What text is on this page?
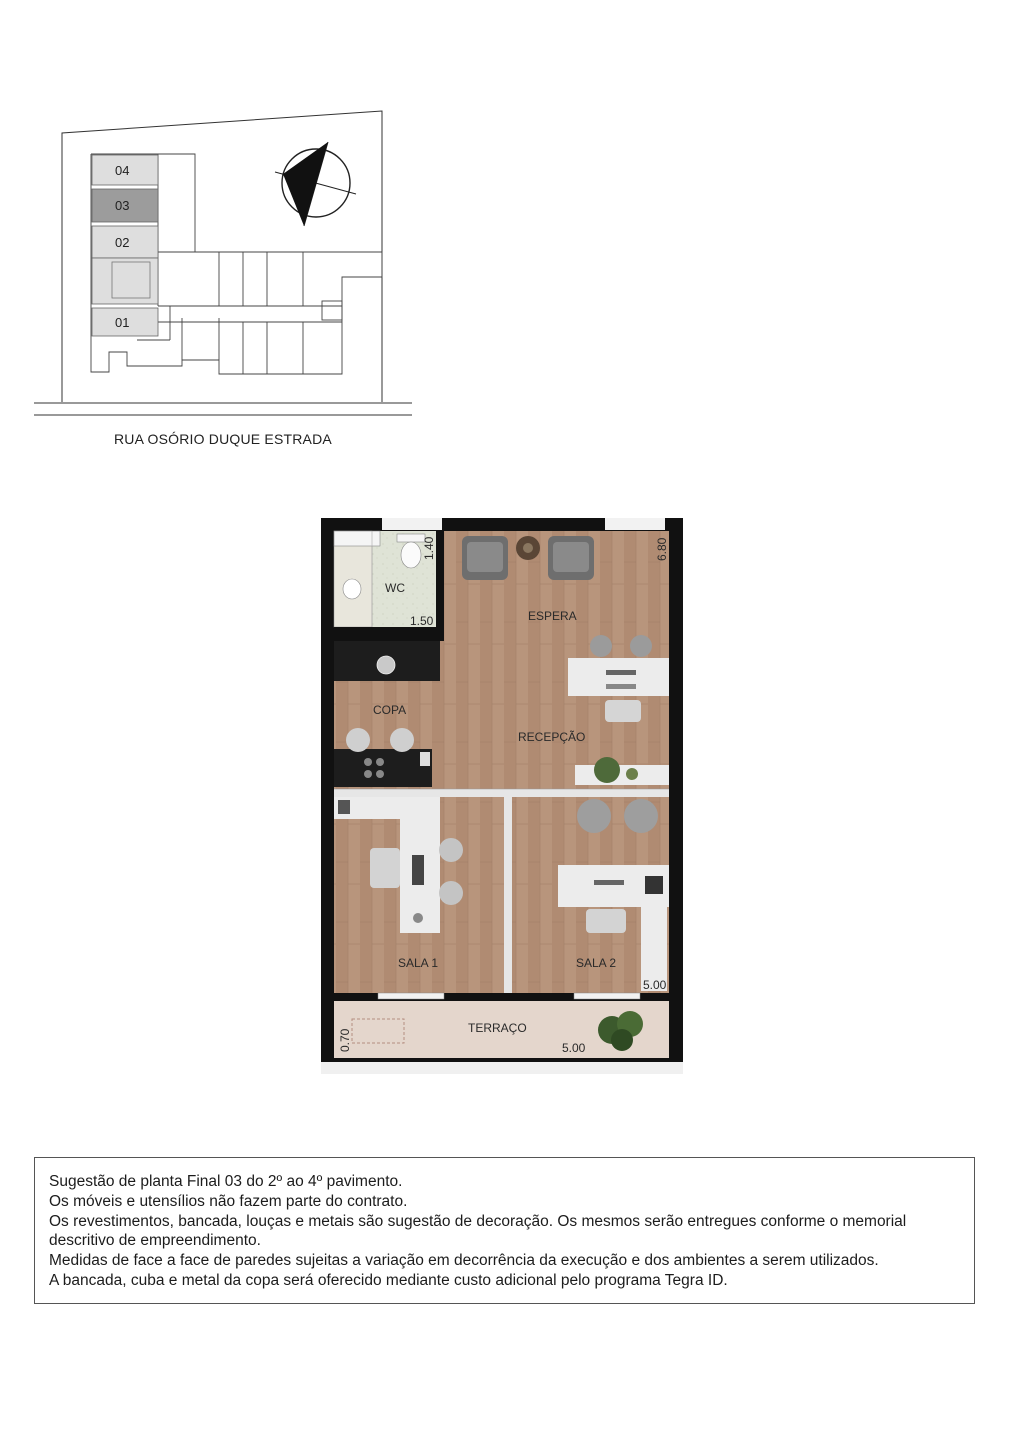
04
03
02
01
RUA OSÓRIO DUQUE ESTRADA
WC
ESPERA
COPA
RECEPÇÃO
SALA 1	SALA 2
TERRAÇO
1.40
1.50
6.80
5.00
5.00
0.70
Sugestão de planta Final 03 do 2º ao 4º pavimento.
Os móveis e utensílios não fazem parte do contrato.
Os revestimentos, bancada, louças e metais são sugestão de decoração. Os mesmos serão entregues conforme o memorial
descritivo de empreendimento.
Medidas de face a face de paredes sujeitas a variação em decorrência da execução e dos ambientes a serem utilizados.
A bancada, cuba e metal da copa será oferecido mediante custo adicional pelo programa Tegra ID.
